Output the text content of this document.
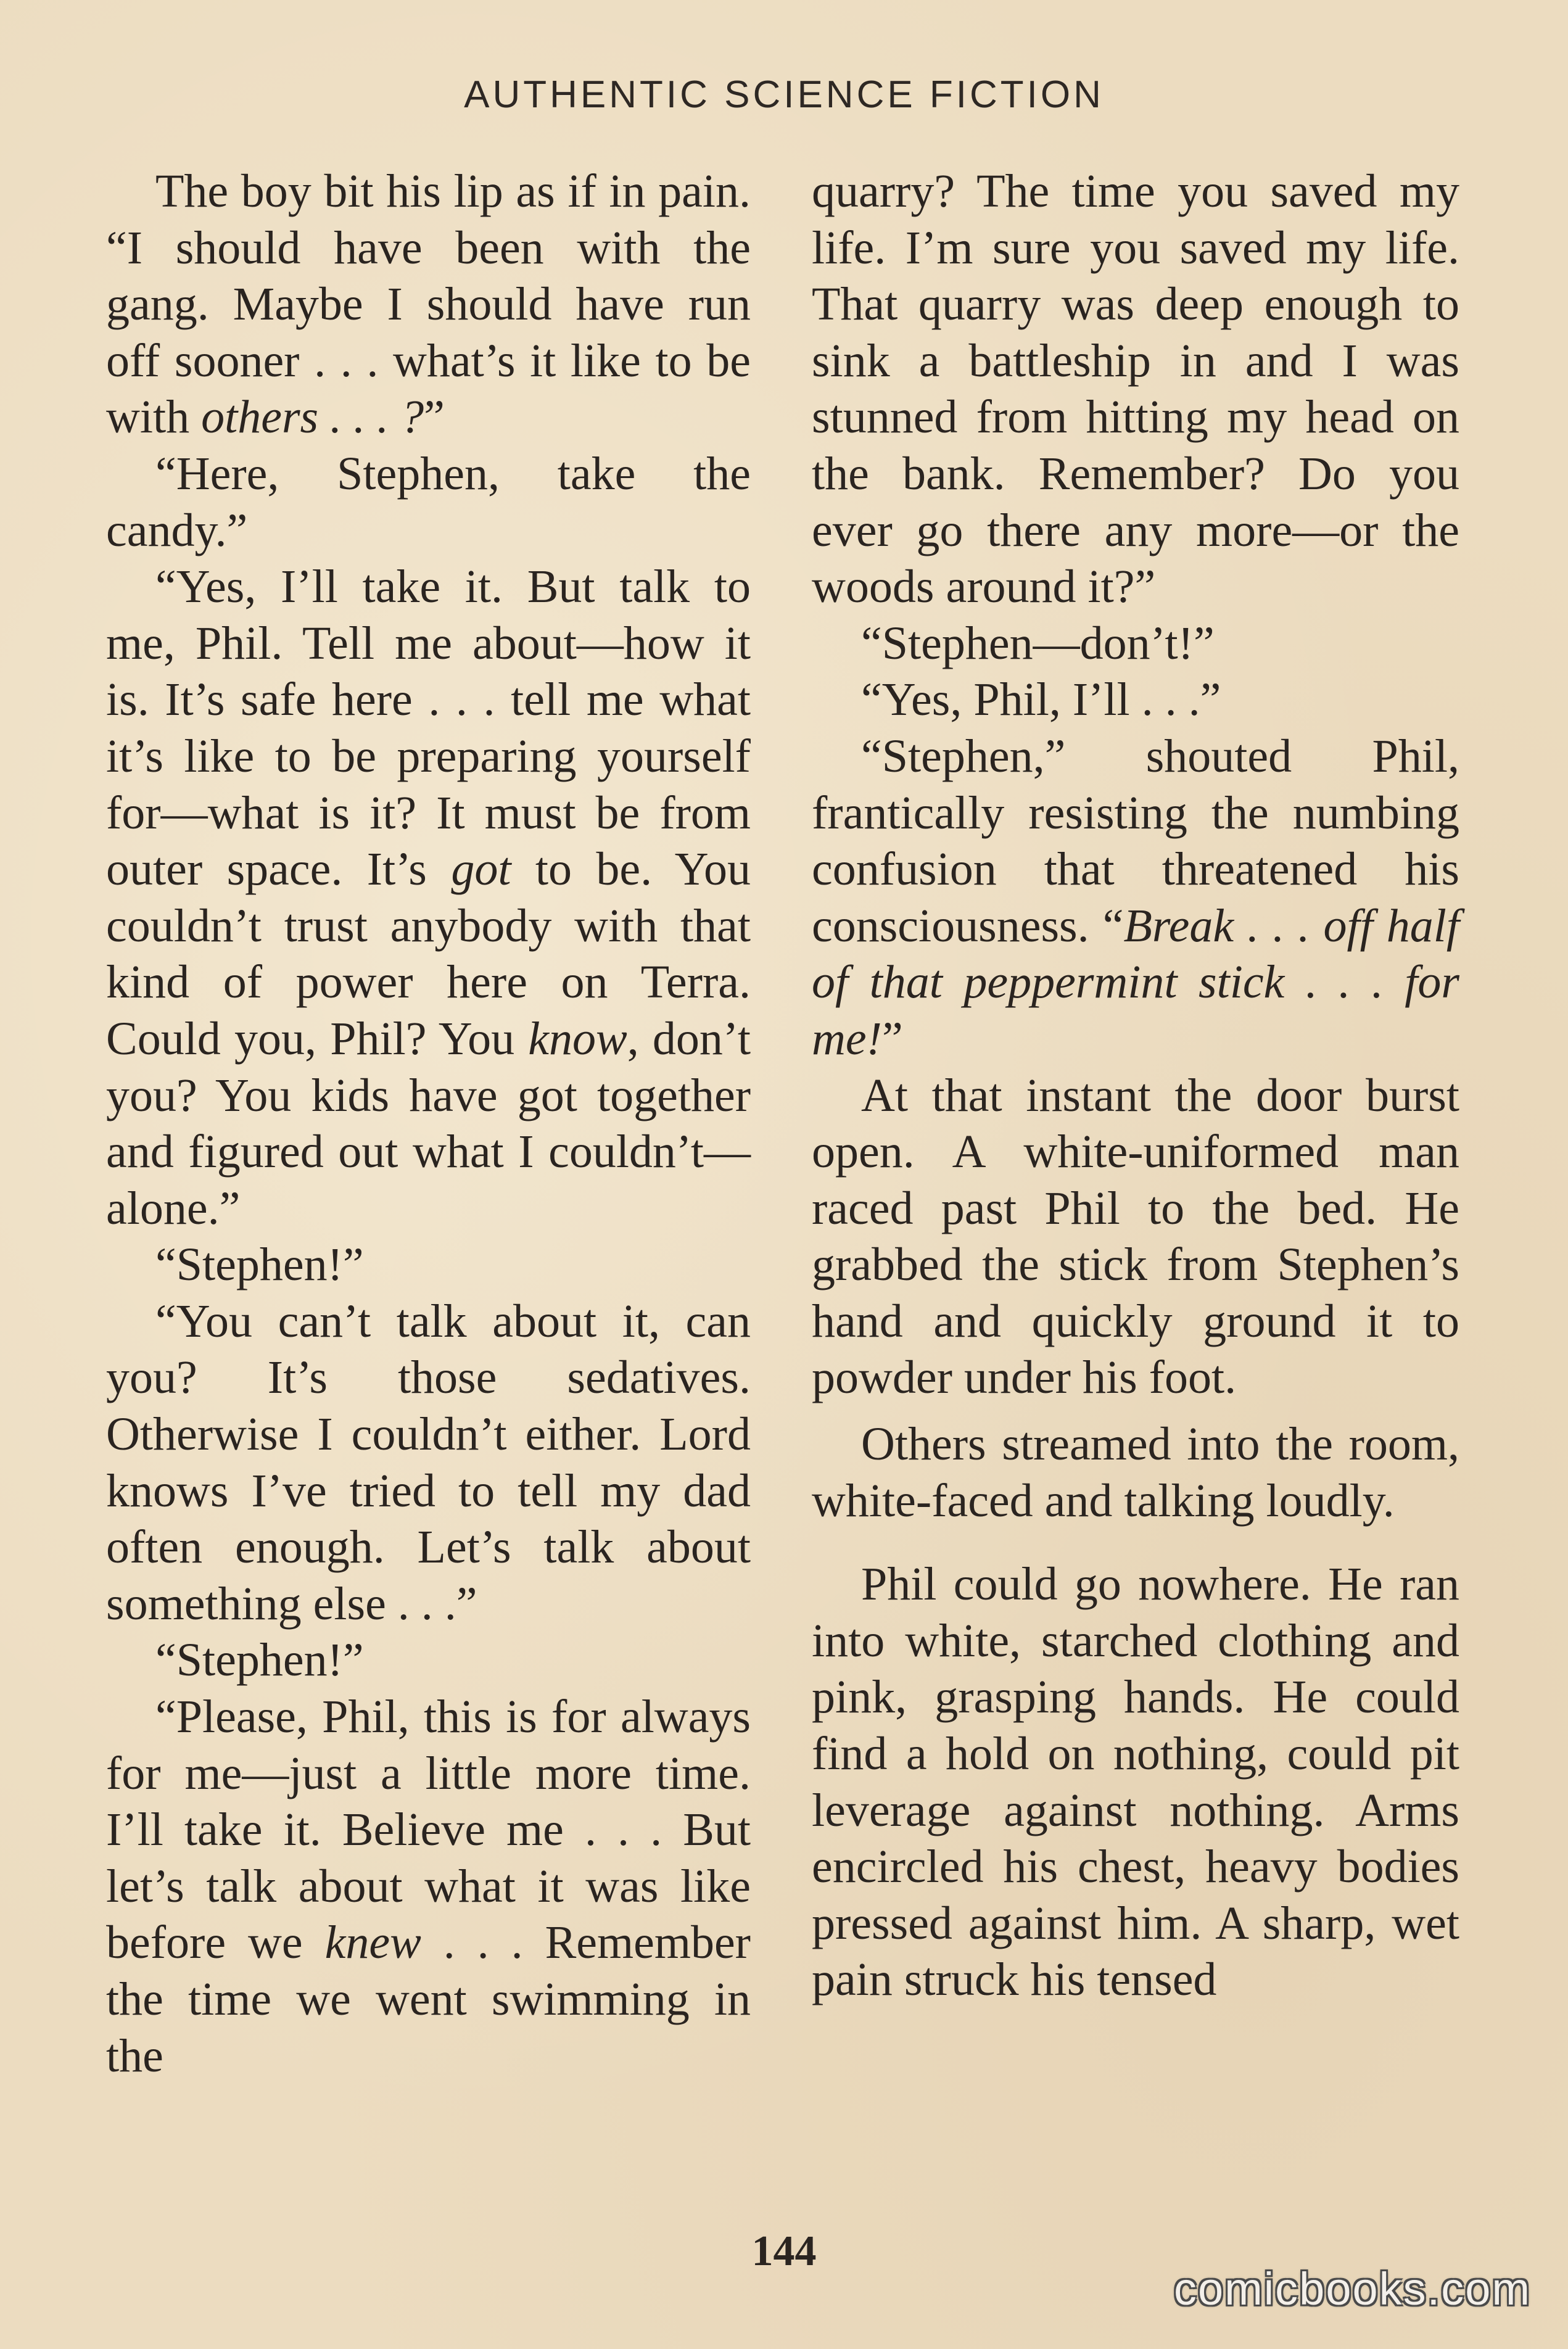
AUTHENTIC SCIENCE FICTION

The boy bit his lip as if in pain. “I should have been with the gang. Maybe I should have run off sooner . . . what’s it like to be with others . . . ?”

“Here, Stephen, take the candy.”

“Yes, I’ll take it. But talk to me, Phil. Tell me about—how it is. It’s safe here . . . tell me what it’s like to be preparing yourself for—what is it? It must be from outer space. It’s got to be. You couldn’t trust anybody with that kind of power here on Terra. Could you, Phil? You know, don’t you? You kids have got together and figured out what I couldn’t—alone.”

“Stephen!”

“You can’t talk about it, can you? It’s those sedatives. Otherwise I couldn’t either. Lord knows I’ve tried to tell my dad often enough. Let’s talk about something else . . .”

“Stephen!”

“Please, Phil, this is for always for me—just a little more time. I’ll take it. Believe me . . . But let’s talk about what it was like before we knew . . . Remember the time we went swimming in the

quarry? The time you saved my life. I’m sure you saved my life. That quarry was deep enough to sink a battleship in and I was stunned from hitting my head on the bank. Remember? Do you ever go there any more—or the woods around it?”

“Stephen—don’t!”

“Yes, Phil, I’ll . . .”

“Stephen,” shouted Phil, frantically resisting the numbing confusion that threatened his consciousness. “Break . . . off half of that peppermint stick . . . for me!”

At that instant the door burst open. A white-uniformed man raced past Phil to the bed. He grabbed the stick from Stephen’s hand and quickly ground it to powder under his foot.

Others streamed into the room, white-faced and talking loudly.

Phil could go nowhere. He ran into white, starched clothing and pink, grasping hands. He could find a hold on nothing, could pit leverage against nothing. Arms encircled his chest, heavy bodies pressed against him. A sharp, wet pain struck his tensed

144
comicbooks.com
